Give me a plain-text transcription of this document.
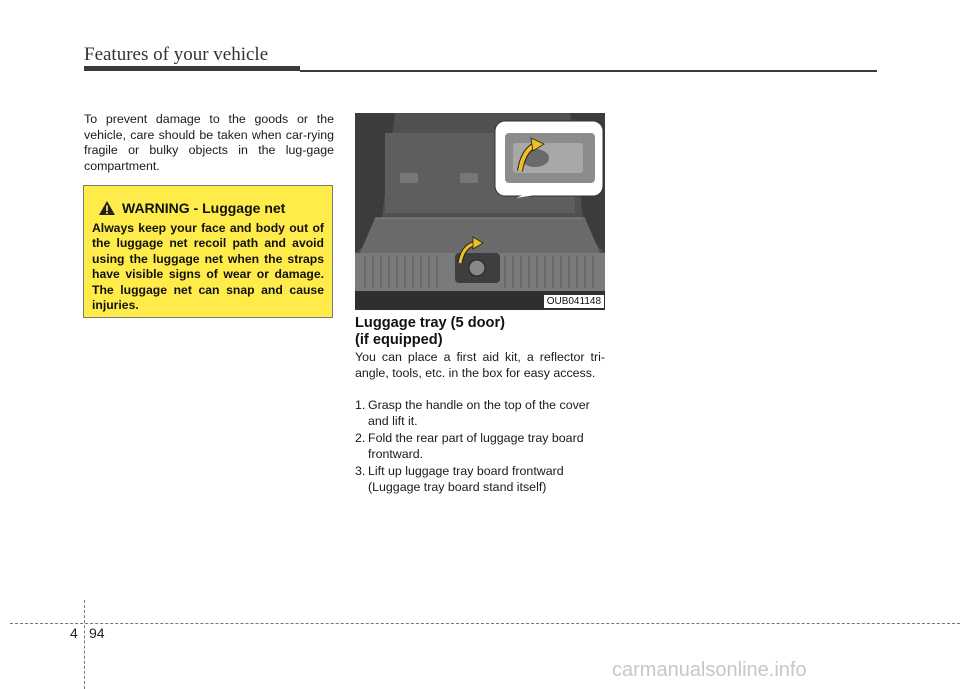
Features of your vehicle

To prevent damage to the goods or the vehicle, care should be taken when car-rying fragile or bulky objects in the lug-gage compartment.

WARNING - Luggage net

Always keep your face and body out of the luggage net recoil path and avoid using the luggage net when the straps have visible signs of wear or damage. The luggage net can snap and cause injuries.	OUB041148
Luggage tray (5 door)
(if equipped)

You can place a first aid kit, a reflector tri-angle, tools, etc. in the box for easy access.

1. Grasp the handle on the top of the cover and lift it.
2. Fold the rear part of luggage tray board frontward.
3. Lift up luggage tray board frontward (Luggage tray board stand itself)
4 94
carmanualsonline.info
